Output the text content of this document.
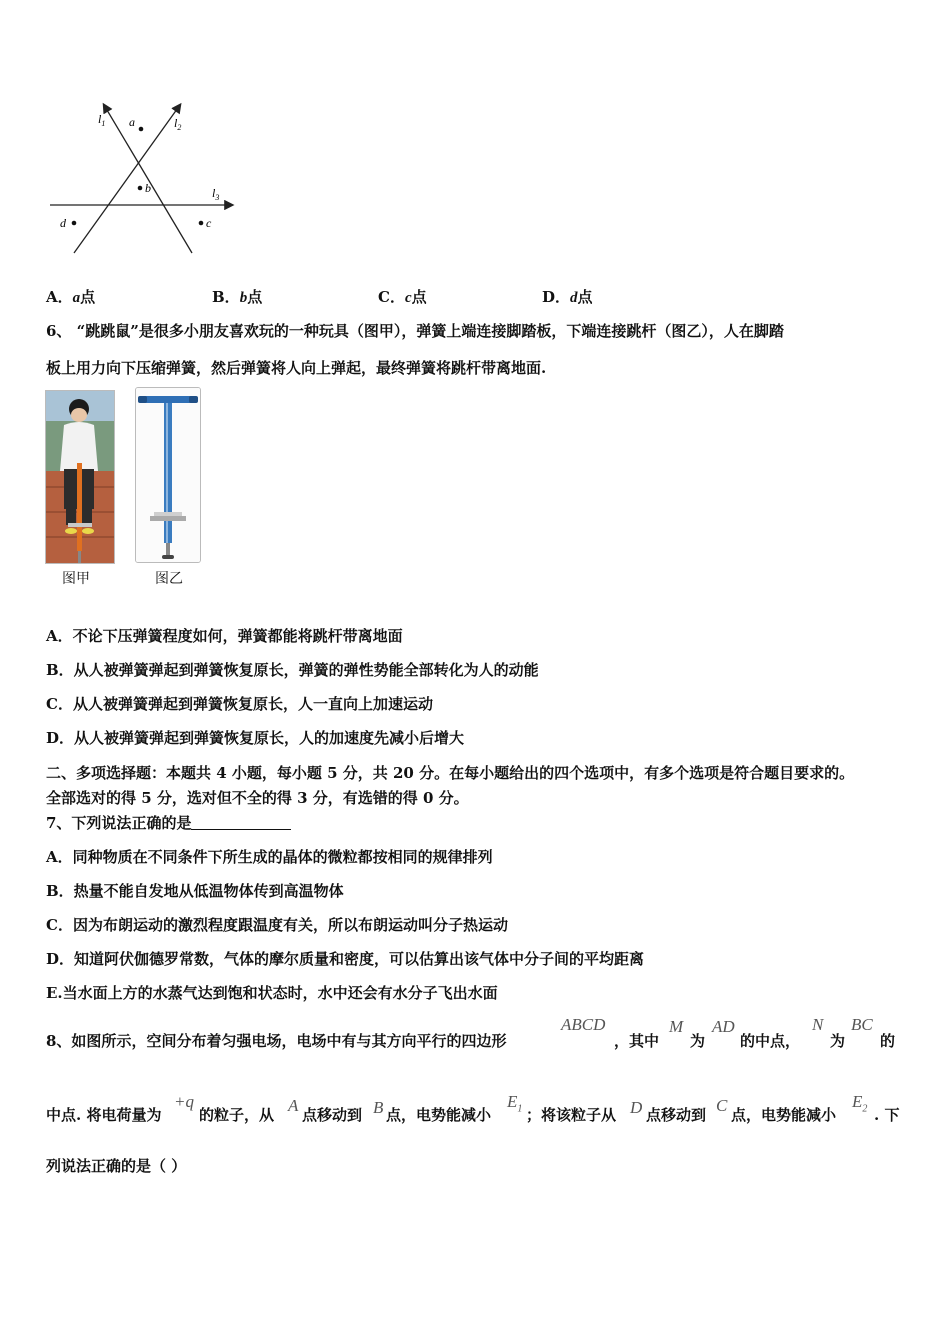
$l_1$	$l_2$
$l_3$
a
b
c
d
A．a点	B．b点	C．c点	D．d点
6、 “跳跳鼠”是很多小朋友喜欢玩的一种玩具（图甲），弹簧上端连接脚踏板，下端连接跳杆（图乙），人在脚踏
板上用力向下压缩弹簧，然后弹簧将人向上弹起，最终弹簧将跳杆带离地面.
图甲	图乙
A．不论下压弹簧程度如何，弹簧都能将跳杆带离地面
B．从人被弹簧弹起到弹簧恢复原长，弹簧的弹性势能全部转化为人的动能
C．从人被弹簧弹起到弹簧恢复原长，人一直向上加速运动
D．从人被弹簧弹起到弹簧恢复原长，人的加速度先减小后增大
二、多项选择题：本题共 4 小题，每小题 5 分，共 20 分。在每小题给出的四个选项中，有多个选项是符合题目要求的。
全部选对的得 5 分，选对但不全的得 3 分，有选错的得 0 分。
7、下列说法正确的是
A．同种物质在不同条件下所生成的晶体的微粒都按相同的规律排列
B．热量不能自发地从低温物体传到高温物体
C．因为布朗运动的激烈程度跟温度有关，所以布朗运动叫分子热运动
D．知道阿伏伽德罗常数，气体的摩尔质量和密度，可以估算出该气体中分子间的平均距离
E.当水面上方的水蒸气达到饱和状态时，水中还会有水分子飞出水面
8、如图所示，空间分布着匀强电场，电场中有与其方向平行的四边形
ABCD
，其中
M
为
AD
的中点，
N
为
BC
的
中点. 将电荷量为
+q
的粒子，从 A 点移动到 B 点，电势能减小
$E_1$ ；将该粒子从 D 点移动到 C 点，电势能减小
$E_2$ . 下
列说法正确的是（ ）
